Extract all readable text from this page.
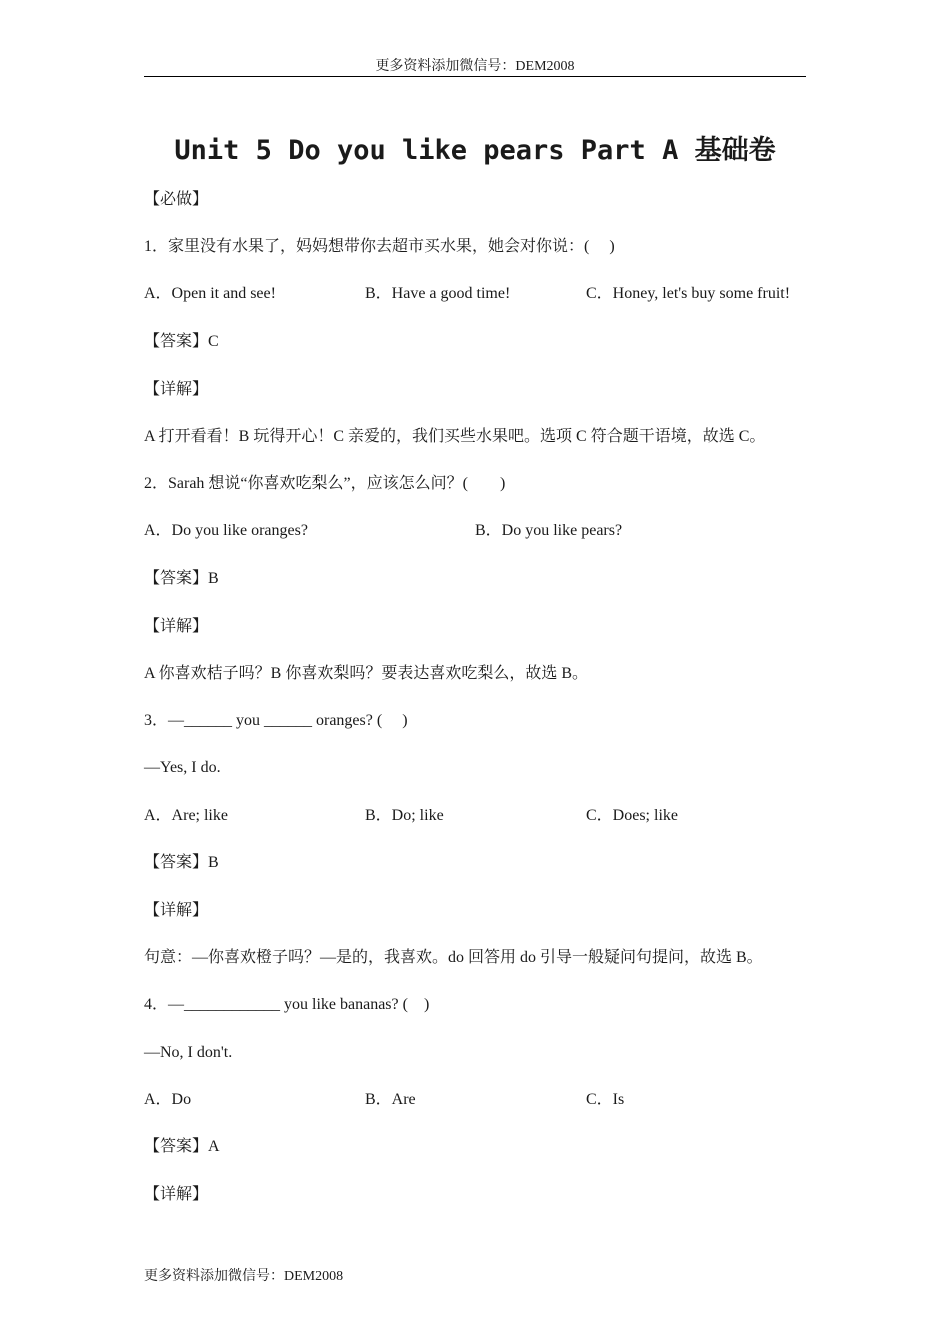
更多资料添加微信号：DEM2008
Unit 5 Do you like pears Part A 基础卷
【必做】
1．家里没有水果了，妈妈想带你去超市买水果，她会对你说：(　 )
A．Open it and see!	B．Have a good time!	C．Honey, let's buy some fruit!
【答案】C
【详解】
A 打开看看！B 玩得开心！C 亲爱的，我们买些水果吧。选项 C 符合题干语境，故选 C。
2．Sarah 想说“你喜欢吃梨么”，应该怎么问？(　　)
A．Do you like oranges?	B．Do you like pears?
【答案】B
【详解】
A 你喜欢桔子吗？B 你喜欢梨吗？要表达喜欢吃梨么，故选 B。
3．—______ you ______ oranges? (　 )
—Yes, I do.
A．Are; like	B．Do; like	C．Does; like
【答案】B
【详解】
句意：—你喜欢橙子吗？—是的，我喜欢。do 回答用 do 引导一般疑问句提问，故选 B。
4．—____________ you like bananas? (　)
—No, I don't.
A．Do	B．Are	C．Is
【答案】A
【详解】
更多资料添加微信号：DEM2008
